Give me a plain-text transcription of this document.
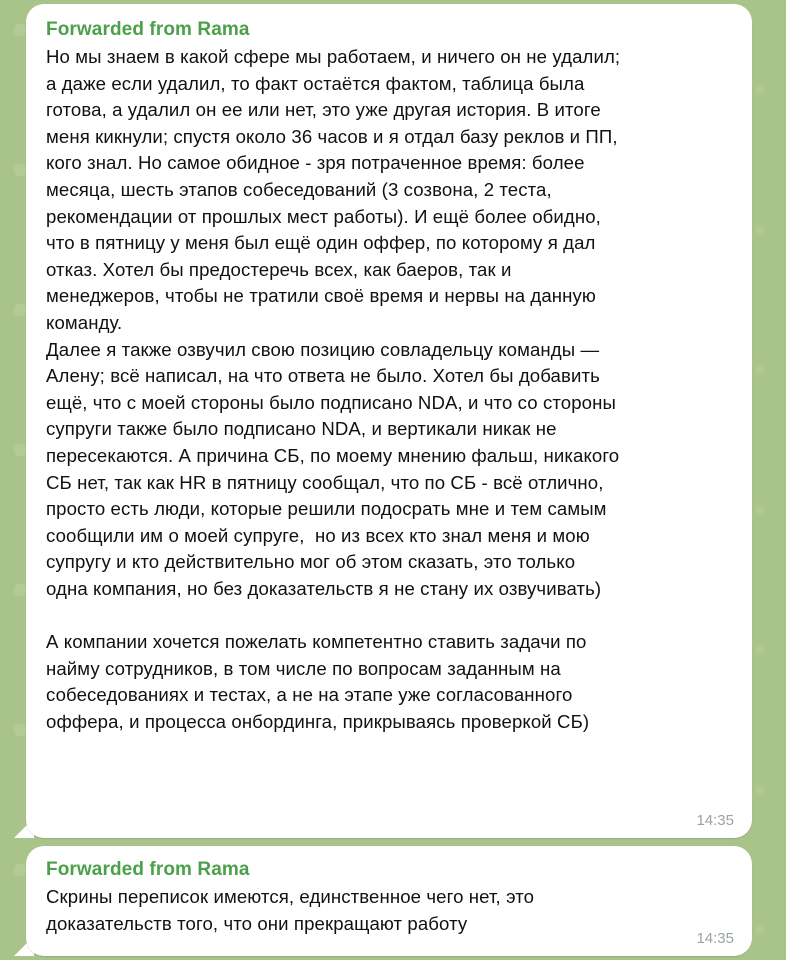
Forwarded from Rama

Но мы знаем в какой сфере мы работаем, и ничего он не удалил;
а даже если удалил, то факт остаётся фактом, таблица была
готова, а удалил он ее или нет, это уже другая история. В итоге
меня кикнули; спустя около 36 часов и я отдал базу реклов и ПП,
кого знал. Но самое обидное - зря потраченное время: более
месяца, шесть этапов собеседований (3 созвона, 2 теста,
рекомендации от прошлых мест работы). И ещё более обидно,
что в пятницу у меня был ещё один оффер, по которому я дал
отказ. Хотел бы предостеречь всех, как баеров, так и
менеджеров, чтобы не тратили своё время и нервы на данную
команду.
Далее я также озвучил свою позицию совладельцу команды —
Алену; всё написал, на что ответа не было. Хотел бы добавить
ещё, что с моей стороны было подписано NDA, и что со стороны
супруги также было подписано NDA, и вертикали никак не
пересекаются. А причина СБ, по моему мнению фальш, никакого
СБ нет, так как HR в пятницу сообщал, что по СБ - всё отлично,
просто есть люди, которые решили подосрать мне и тем самым
сообщили им о моей супруге,  но из всех кто знал меня и мою
супругу и кто действительно мог об этом сказать, это только
одна компания, но без доказательств я не стану их озвучивать)

А компании хочется пожелать компетентно ставить задачи по
найму сотрудников, в том числе по вопросам заданным на
собеседованиях и тестах, а не на этапе уже согласованного
оффера, и процесса онбординга, прикрываясь проверкой СБ)

14:35
Forwarded from Rama

Скрины переписок имеются, единственное чего нет, это
доказательств того, что они прекращают работу

14:35
